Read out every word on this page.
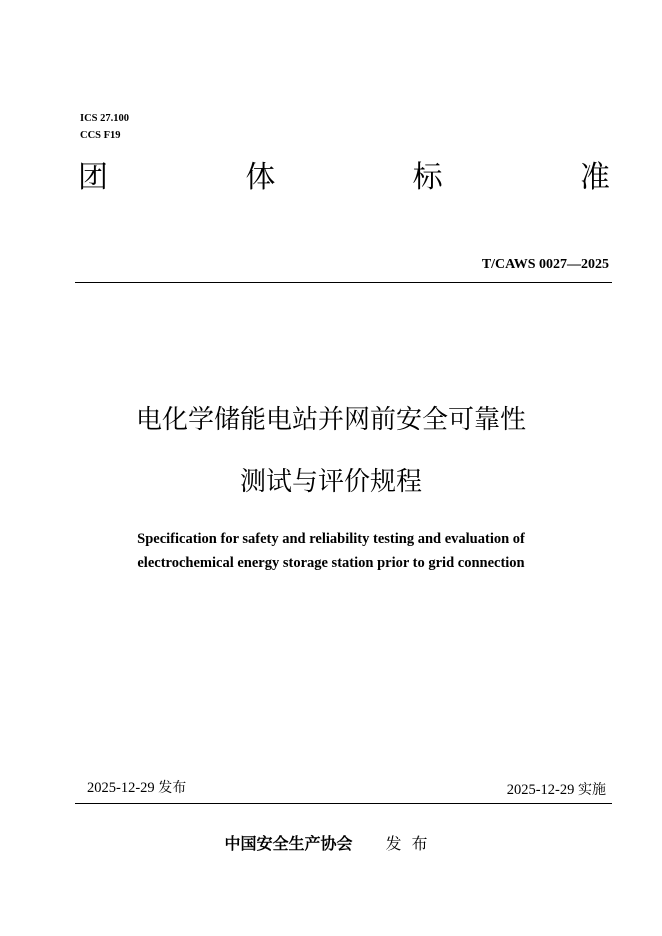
ICS 27.100
CCS F19
团	体	标	准
T/CAWS 0027—2025
电化学储能电站并网前安全可靠性
测试与评价规程
Specification for safety and reliability testing and evaluation of
electrochemical energy storage station prior to grid connection
2025-12-29 发布	2025-12-29 实施
中国安全生产协会 发布
